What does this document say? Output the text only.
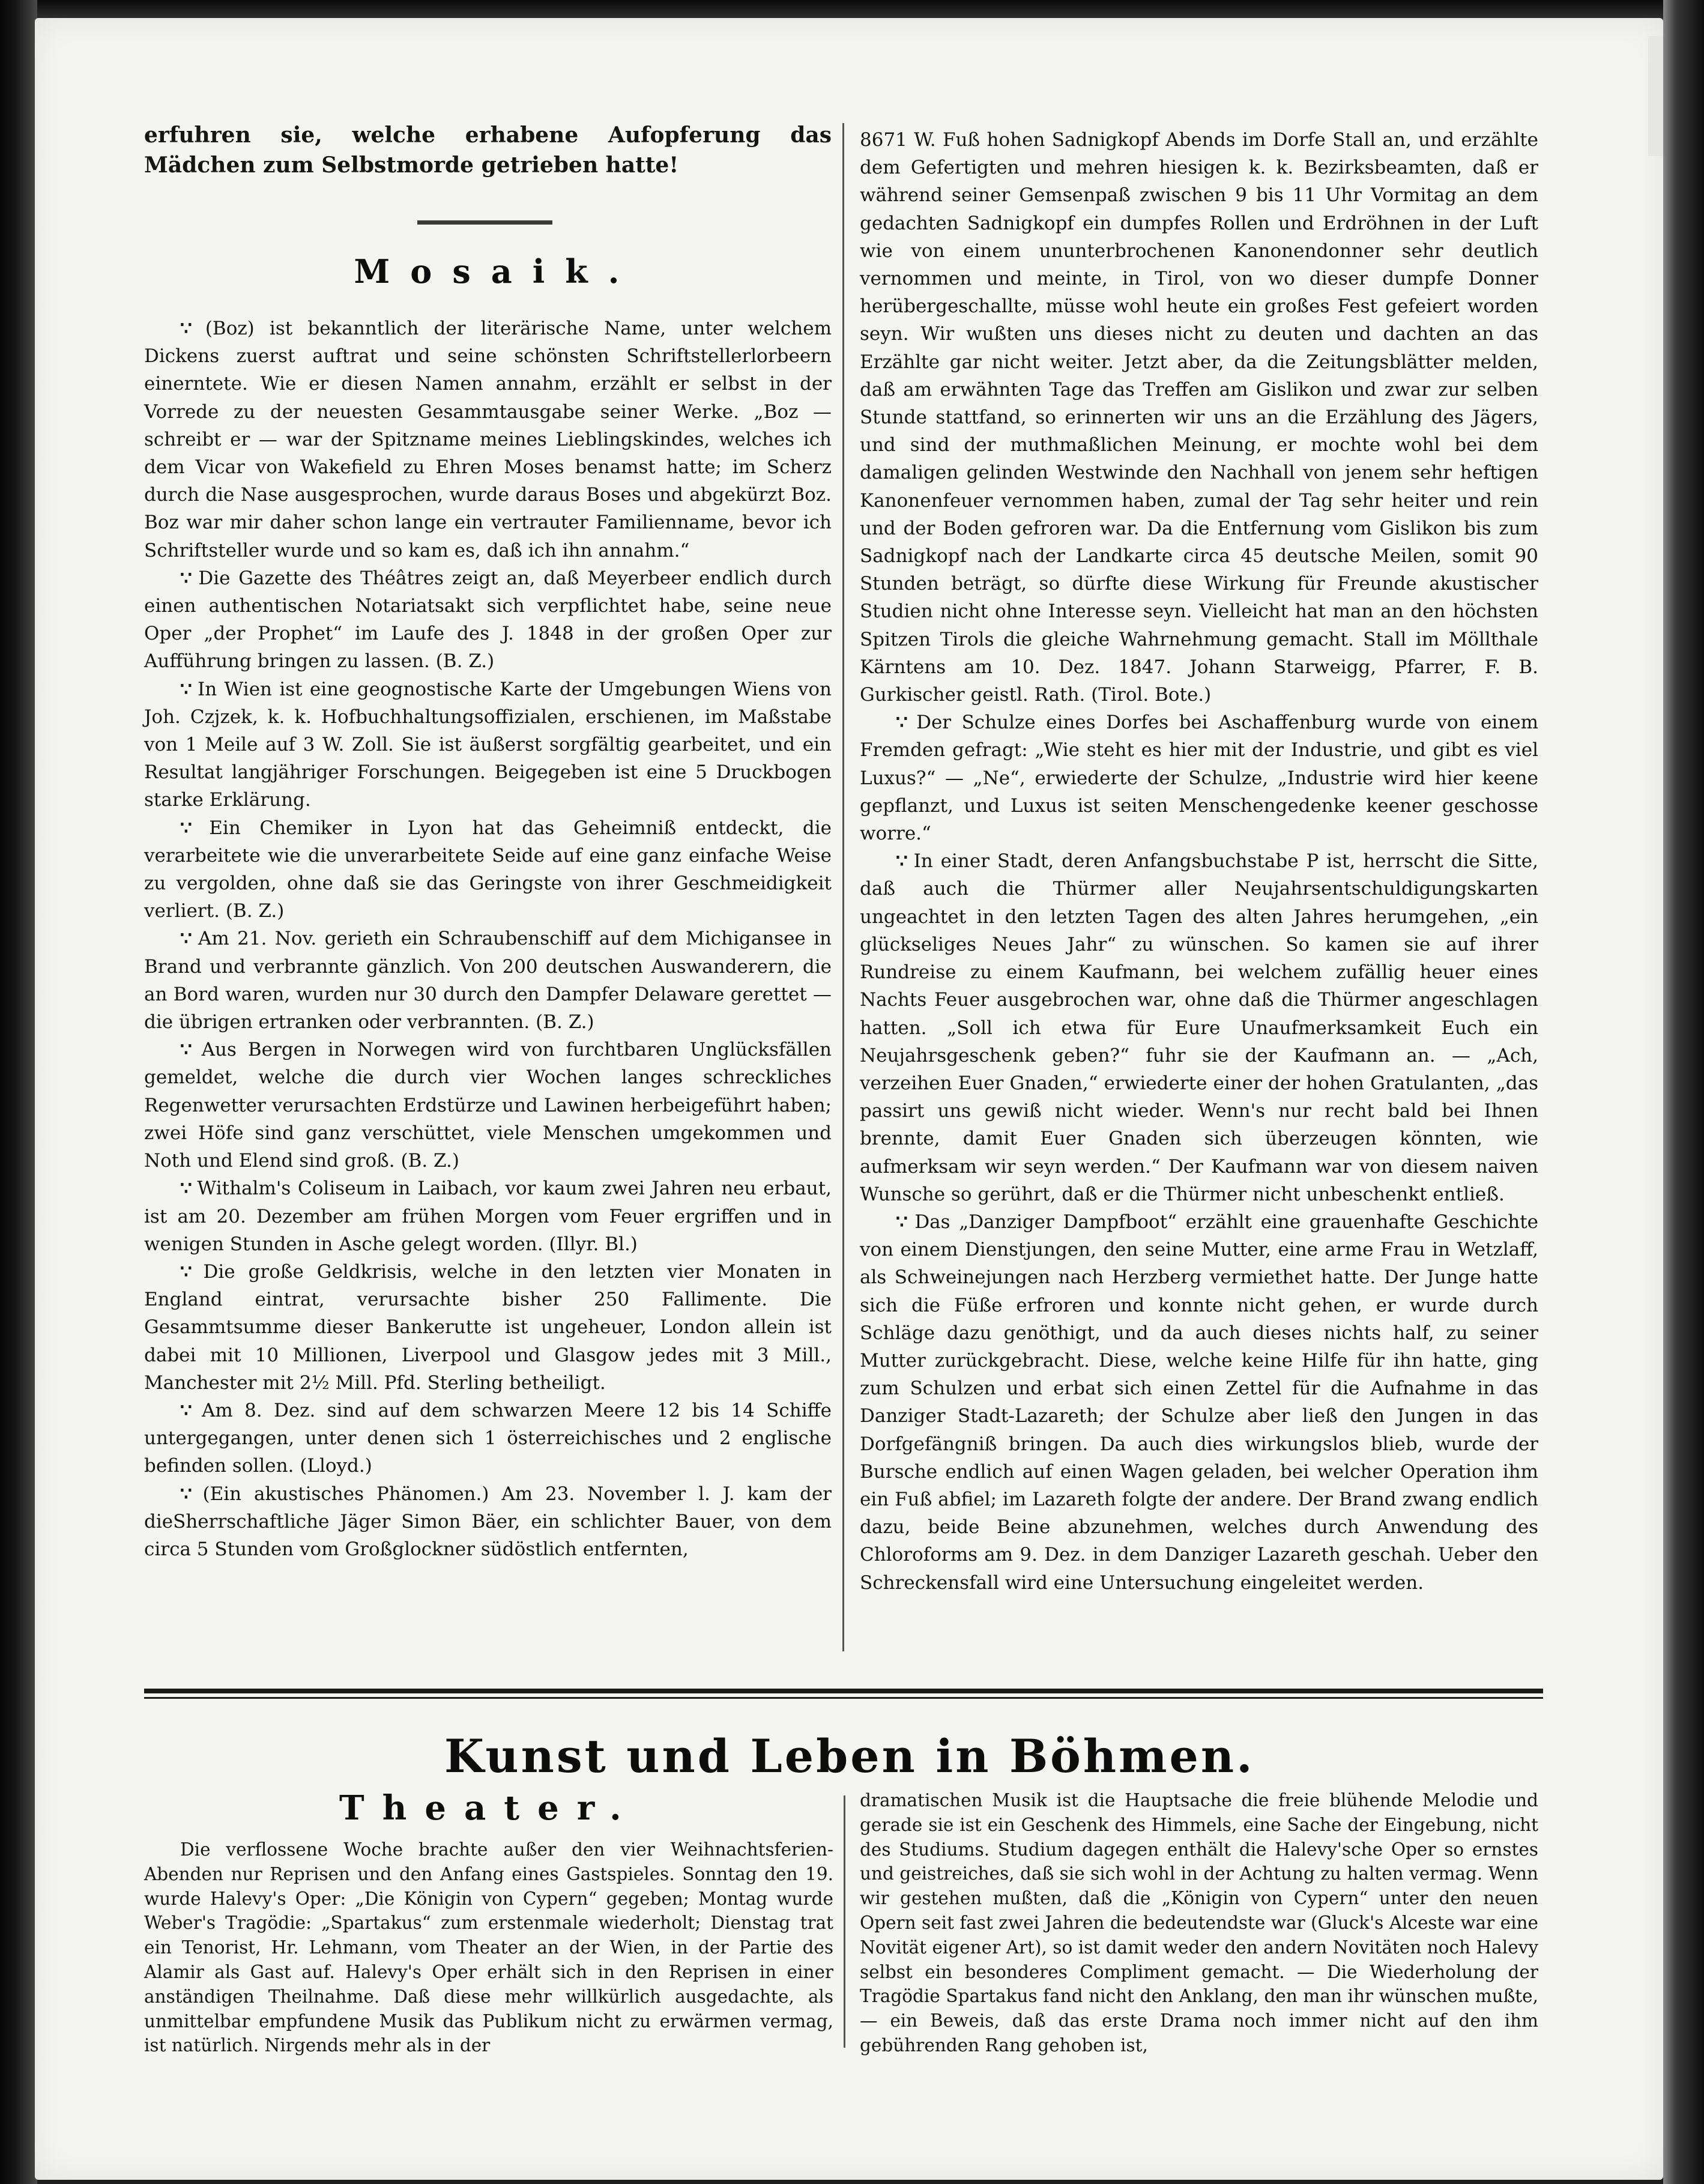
erfuhren sie, welche erhabene Aufopferung das Mädchen zum Selbstmorde getrieben hatte!

Mosaik.

∵ (Boz) ist bekanntlich der literärische Name, unter welchem Dickens zuerst auftrat und seine schönsten Schriftstellerlorbeern einerntete. Wie er diesen Namen annahm, erzählt er selbst in der Vorrede zu der neuesten Gesammtausgabe seiner Werke. „Boz — schreibt er — war der Spitzname meines Lieblingskindes, welches ich dem Vicar von Wakefield zu Ehren Moses benamst hatte; im Scherz durch die Nase ausgesprochen, wurde daraus Boses und abgekürzt Boz. Boz war mir daher schon lange ein vertrauter Familienname, bevor ich Schriftsteller wurde und so kam es, daß ich ihn annahm.“

∵ Die Gazette des Théâtres zeigt an, daß Meyerbeer endlich durch einen authentischen Notariatsakt sich verpflichtet habe, seine neue Oper „der Prophet“ im Laufe des J. 1848 in der großen Oper zur Aufführung bringen zu lassen. (B. Z.)

∵ In Wien ist eine geognostische Karte der Umgebungen Wiens von Joh. Czjzek, k. k. Hofbuchhaltungsoffizialen, erschienen, im Maßstabe von 1 Meile auf 3 W. Zoll. Sie ist äußerst sorgfältig gearbeitet, und ein Resultat langjähriger Forschungen. Beigegeben ist eine 5 Druckbogen starke Erklärung.

∵ Ein Chemiker in Lyon hat das Geheimniß entdeckt, die verarbeitete wie die unverarbeitete Seide auf eine ganz einfache Weise zu vergolden, ohne daß sie das Geringste von ihrer Geschmeidigkeit verliert. (B. Z.)

∵ Am 21. Nov. gerieth ein Schraubenschiff auf dem Michigansee in Brand und verbrannte gänzlich. Von 200 deutschen Auswanderern, die an Bord waren, wurden nur 30 durch den Dampfer Delaware gerettet — die übrigen ertranken oder verbrannten. (B. Z.)

∵ Aus Bergen in Norwegen wird von furchtbaren Unglücksfällen gemeldet, welche die durch vier Wochen langes schreckliches Regenwetter verursachten Erdstürze und Lawinen herbeigeführt haben; zwei Höfe sind ganz verschüttet, viele Menschen umgekommen und Noth und Elend sind groß. (B. Z.)

∵ Withalm's Coliseum in Laibach, vor kaum zwei Jahren neu erbaut, ist am 20. Dezember am frühen Morgen vom Feuer ergriffen und in wenigen Stunden in Asche gelegt worden. (Illyr. Bl.)

∵ Die große Geldkrisis, welche in den letzten vier Monaten in England eintrat, verursachte bisher 250 Fallimente. Die Gesammtsumme dieser Bankerutte ist ungeheuer, London allein ist dabei mit 10 Millionen, Liverpool und Glasgow jedes mit 3 Mill., Manchester mit 2½ Mill. Pfd. Sterling betheiligt.

∵ Am 8. Dez. sind auf dem schwarzen Meere 12 bis 14 Schiffe untergegangen, unter denen sich 1 österreichisches und 2 englische befinden sollen. (Lloyd.)

∵ (Ein akustisches Phänomen.) Am 23. November l. J. kam der dieSherrschaftliche Jäger Simon Bäer, ein schlichter Bauer, von dem circa 5 Stunden vom Großglockner südöstlich entfernten,

8671 W. Fuß hohen Sadnigkopf Abends im Dorfe Stall an, und erzählte dem Gefertigten und mehren hiesigen k. k. Bezirksbeamten, daß er während seiner Gemsenpaß zwischen 9 bis 11 Uhr Vormitag an dem gedachten Sadnigkopf ein dumpfes Rollen und Erdröhnen in der Luft wie von einem ununterbrochenen Kanonendonner sehr deutlich vernommen und meinte, in Tirol, von wo dieser dumpfe Donner herübergeschallte, müsse wohl heute ein großes Fest gefeiert worden seyn. Wir wußten uns dieses nicht zu deuten und dachten an das Erzählte gar nicht weiter. Jetzt aber, da die Zeitungsblätter melden, daß am erwähnten Tage das Treffen am Gislikon und zwar zur selben Stunde stattfand, so erinnerten wir uns an die Erzählung des Jägers, und sind der muthmaßlichen Meinung, er mochte wohl bei dem damaligen gelinden Westwinde den Nachhall von jenem sehr heftigen Kanonenfeuer vernommen haben, zumal der Tag sehr heiter und rein und der Boden gefroren war. Da die Entfernung vom Gislikon bis zum Sadnigkopf nach der Landkarte circa 45 deutsche Meilen, somit 90 Stunden beträgt, so dürfte diese Wirkung für Freunde akustischer Studien nicht ohne Interesse seyn. Vielleicht hat man an den höchsten Spitzen Tirols die gleiche Wahrnehmung gemacht. Stall im Möllthale Kärntens am 10. Dez. 1847. Johann Starweigg, Pfarrer, F. B. Gurkischer geistl. Rath. (Tirol. Bote.)

∵ Der Schulze eines Dorfes bei Aschaffenburg wurde von einem Fremden gefragt: „Wie steht es hier mit der Industrie, und gibt es viel Luxus?“ — „Ne“, erwiederte der Schulze, „Industrie wird hier keene gepflanzt, und Luxus ist seiten Menschengedenke keener geschosse worre.“

∵ In einer Stadt, deren Anfangsbuchstabe P ist, herrscht die Sitte, daß auch die Thürmer aller Neujahrsentschuldigungskarten ungeachtet in den letzten Tagen des alten Jahres herumgehen, „ein glückseliges Neues Jahr“ zu wünschen. So kamen sie auf ihrer Rundreise zu einem Kaufmann, bei welchem zufällig heuer eines Nachts Feuer ausgebrochen war, ohne daß die Thürmer angeschlagen hatten. „Soll ich etwa für Eure Unaufmerksamkeit Euch ein Neujahrsgeschenk geben?“ fuhr sie der Kaufmann an. — „Ach, verzeihen Euer Gnaden,“ erwiederte einer der hohen Gratulanten, „das passirt uns gewiß nicht wieder. Wenn's nur recht bald bei Ihnen brennte, damit Euer Gnaden sich überzeugen könnten, wie aufmerksam wir seyn werden.“ Der Kaufmann war von diesem naiven Wunsche so gerührt, daß er die Thürmer nicht unbeschenkt entließ.

∵ Das „Danziger Dampfboot“ erzählt eine grauenhafte Geschichte von einem Dienstjungen, den seine Mutter, eine arme Frau in Wetzlaff, als Schweinejungen nach Herzberg vermiethet hatte. Der Junge hatte sich die Füße erfroren und konnte nicht gehen, er wurde durch Schläge dazu genöthigt, und da auch dieses nichts half, zu seiner Mutter zurückgebracht. Diese, welche keine Hilfe für ihn hatte, ging zum Schulzen und erbat sich einen Zettel für die Aufnahme in das Danziger Stadt-Lazareth; der Schulze aber ließ den Jungen in das Dorfgefängniß bringen. Da auch dies wirkungslos blieb, wurde der Bursche endlich auf einen Wagen geladen, bei welcher Operation ihm ein Fuß abfiel; im Lazareth folgte der andere. Der Brand zwang endlich dazu, beide Beine abzunehmen, welches durch Anwendung des Chloroforms am 9. Dez. in dem Danziger Lazareth geschah. Ueber den Schreckensfall wird eine Untersuchung eingeleitet werden.

Kunst und Leben in Böhmen.
Theater.

Die verflossene Woche brachte außer den vier Weihnachtsferien-Abenden nur Reprisen und den Anfang eines Gastspieles. Sonntag den 19. wurde Halevy's Oper: „Die Königin von Cypern“ gegeben; Montag wurde Weber's Tragödie: „Spartakus“ zum erstenmale wiederholt; Dienstag trat ein Tenorist, Hr. Lehmann, vom Theater an der Wien, in der Partie des Alamir als Gast auf. Halevy's Oper erhält sich in den Reprisen in einer anständigen Theilnahme. Daß diese mehr willkürlich ausgedachte, als unmittelbar empfundene Musik das Publikum nicht zu erwärmen vermag, ist natürlich. Nirgends mehr als in der

dramatischen Musik ist die Hauptsache die freie blühende Melodie und gerade sie ist ein Geschenk des Himmels, eine Sache der Eingebung, nicht des Studiums. Studium dagegen enthält die Halevy'sche Oper so ernstes und geistreiches, daß sie sich wohl in der Achtung zu halten vermag. Wenn wir gestehen mußten, daß die „Königin von Cypern“ unter den neuen Opern seit fast zwei Jahren die bedeutendste war (Gluck's Alceste war eine Novität eigener Art), so ist damit weder den andern Novitäten noch Halevy selbst ein besonderes Compliment gemacht. — Die Wiederholung der Tragödie Spartakus fand nicht den Anklang, den man ihr wünschen mußte, — ein Beweis, daß das erste Drama noch immer nicht auf den ihm gebührenden Rang gehoben ist,
